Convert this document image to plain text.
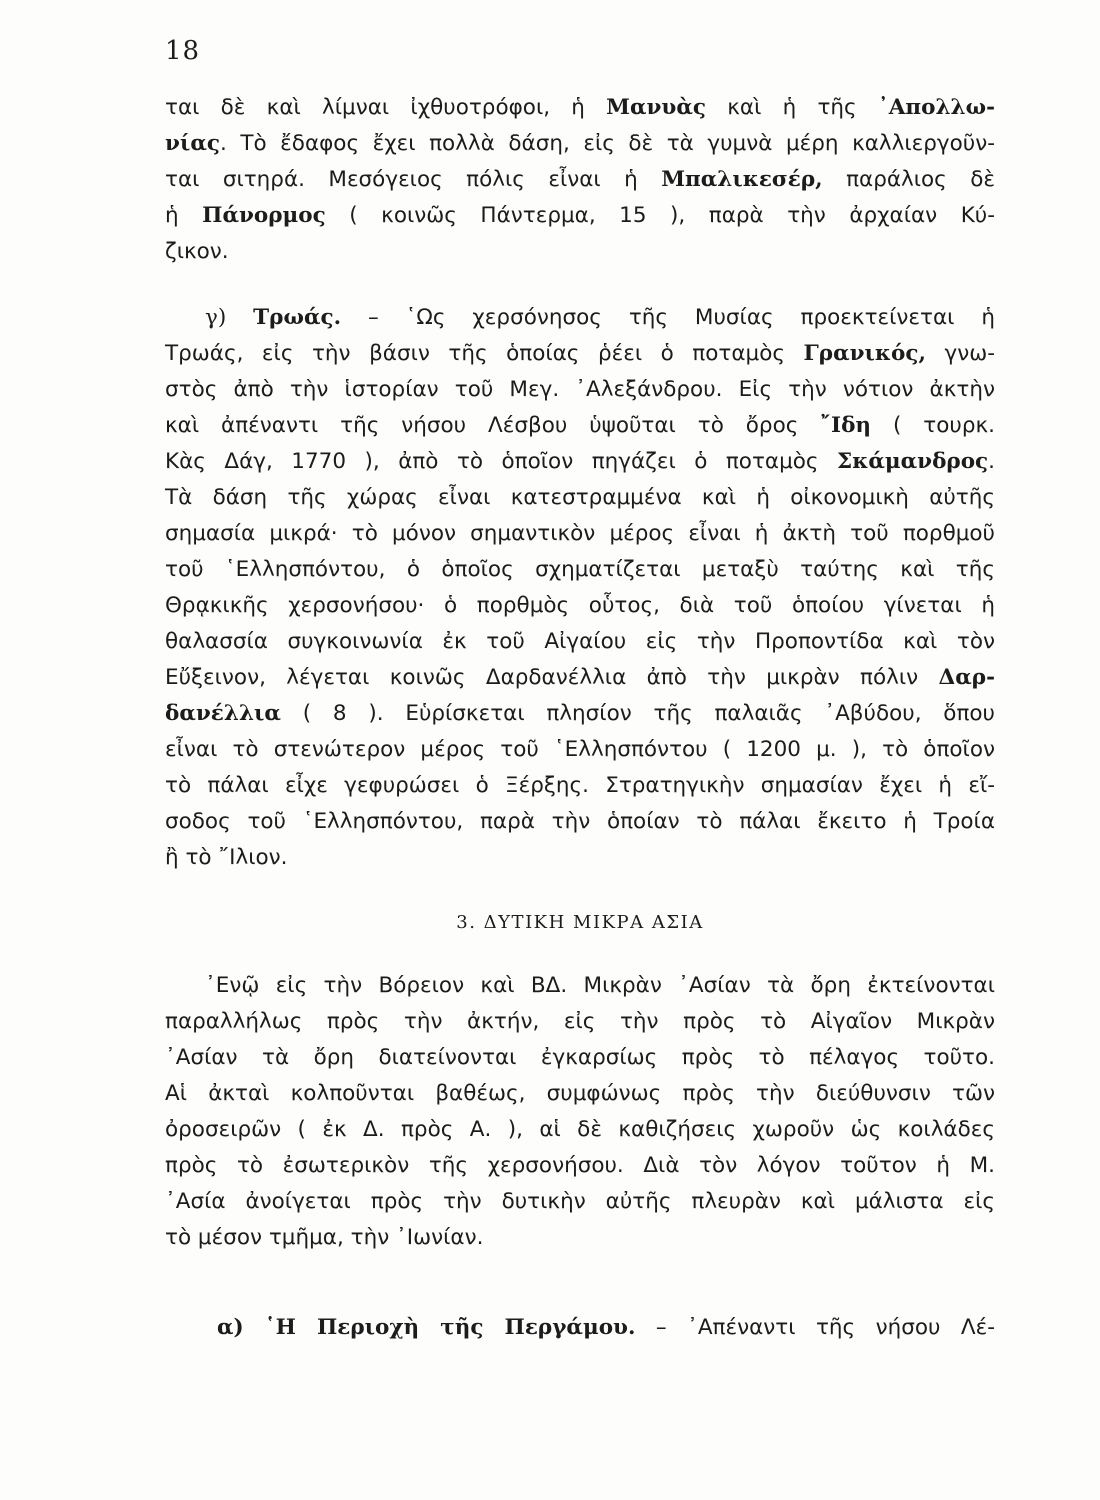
18
ται δὲ καὶ λίμναι ἰχθυοτρόφοι, ἡ Μανυὰς καὶ ἡ τῆς ᾿Απολλω-
νίας. Τὸ ἔδαφος ἔχει πολλὰ δάση, εἰς δὲ τὰ γυμνὰ μέρη καλλιεργοῦν-
ται σιτηρά. Μεσόγειος πόλις εἶναι ἡ Μπαλικεσέρ, παράλιος δὲ
ἡ Πάνορμος ( κοινῶς Πάντερμα, 15 ), παρὰ τὴν ἀρχαίαν Κύ-
ζικον.
γ) Τρωάς. – ῾Ως χερσόνησος τῆς Μυσίας προεκτείνεται ἡ
Τρωάς, εἰς τὴν βάσιν τῆς ὁποίας ῥέει ὁ ποταμὸς Γρανικός, γνω-
στὸς ἀπὸ τὴν ἱστορίαν τοῦ Μεγ. ᾿Αλεξάνδρου. Εἰς τὴν νότιον ἀκτὴν
καὶ ἀπέναντι τῆς νήσου Λέσβου ὑψοῦται τὸ ὄρος ῎Ιδη ( τουρκ.
Κὰς Δάγ, 1770 ), ἀπὸ τὸ ὁποῖον πηγάζει ὁ ποταμὸς Σκάμανδρος.
Τὰ δάση τῆς χώρας εἶναι κατεστραμμένα καὶ ἡ οἰκονομικὴ αὐτῆς
σημασία μικρά· τὸ μόνον σημαντικὸν μέρος εἶναι ἡ ἀκτὴ τοῦ πορθμοῦ
τοῦ ῾Ελλησπόντου, ὁ ὁποῖος σχηματίζεται μεταξὺ ταύτης καὶ τῆς
Θρᾳκικῆς χερσονήσου· ὁ πορθμὸς οὗτος, διὰ τοῦ ὁποίου γίνεται ἡ
θαλασσία συγκοινωνία ἐκ τοῦ Αἰγαίου εἰς τὴν Προποντίδα καὶ τὸν
Εὔξεινον, λέγεται κοινῶς Δαρδανέλλια ἀπὸ τὴν μικρὰν πόλιν Δαρ-
δανέλλια ( 8 ). Εὑρίσκεται πλησίον τῆς παλαιᾶς ᾿Αβύδου, ὅπου
εἶναι τὸ στενώτερον μέρος τοῦ ῾Ελλησπόντου ( 1200 μ. ), τὸ ὁποῖον
τὸ πάλαι εἶχε γεφυρώσει ὁ Ξέρξης. Στρατηγικὴν σημασίαν ἔχει ἡ εἴ-
σοδος τοῦ ῾Ελλησπόντου, παρὰ τὴν ὁποίαν τὸ πάλαι ἔκειτο ἡ Τροία
ἢ τὸ ῎Ιλιον.
3. ΔΥΤΙΚΗ ΜΙΚΡΑ ΑΣΙΑ
᾿Ενῷ εἰς τὴν Βόρειον καὶ ΒΔ. Μικρὰν ᾿Ασίαν τὰ ὄρη ἐκτείνονται
παραλλήλως πρὸς τὴν ἀκτήν, εἰς τὴν πρὸς τὸ Αἰγαῖον Μικρὰν
᾿Ασίαν τὰ ὄρη διατείνονται ἐγκαρσίως πρὸς τὸ πέλαγος τοῦτο.
Αἱ ἀκταὶ κολποῦνται βαθέως, συμφώνως πρὸς τὴν διεύθυνσιν τῶν
ὀροσειρῶν ( ἐκ Δ. πρὸς Α. ), αἱ δὲ καθιζήσεις χωροῦν ὡς κοιλάδες
πρὸς τὸ ἐσωτερικὸν τῆς χερσονήσου. Διὰ τὸν λόγον τοῦτον ἡ Μ.
᾿Ασία ἀνοίγεται πρὸς τὴν δυτικὴν αὐτῆς πλευρὰν καὶ μάλιστα εἰς
τὸ μέσον τμῆμα, τὴν ᾿Ιωνίαν.
α) ῾Η Περιοχὴ τῆς Περγάμου. – ᾿Απέναντι τῆς νήσου Λέ-
